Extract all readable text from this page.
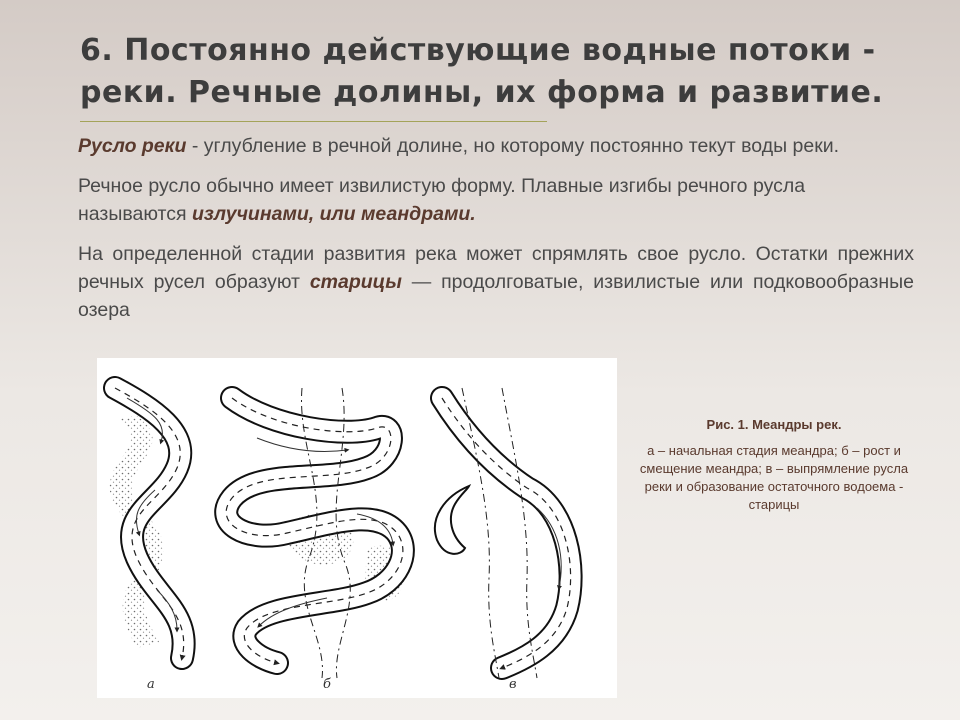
6. Постоянно действующие водные потоки - реки. Речные долины, их форма и развитие.

Русло реки - углубление в речной долине, но которому постоянно текут воды реки.

Речное русло обычно имеет извилистую форму. Плавные изгибы речного русла называются излучинами, или меандрами.

На определенной стадии развития река может спрямлять свое русло. Остатки прежних речных русел образуют старицы — продолговатые, извилистые или подковообразные озера

а	б	в
Рис. 1. Меандры рек.
а – начальная стадия меандра; б – рост и смещение меандра; в – выпрямление русла реки и образование остаточного водоема - старицы
